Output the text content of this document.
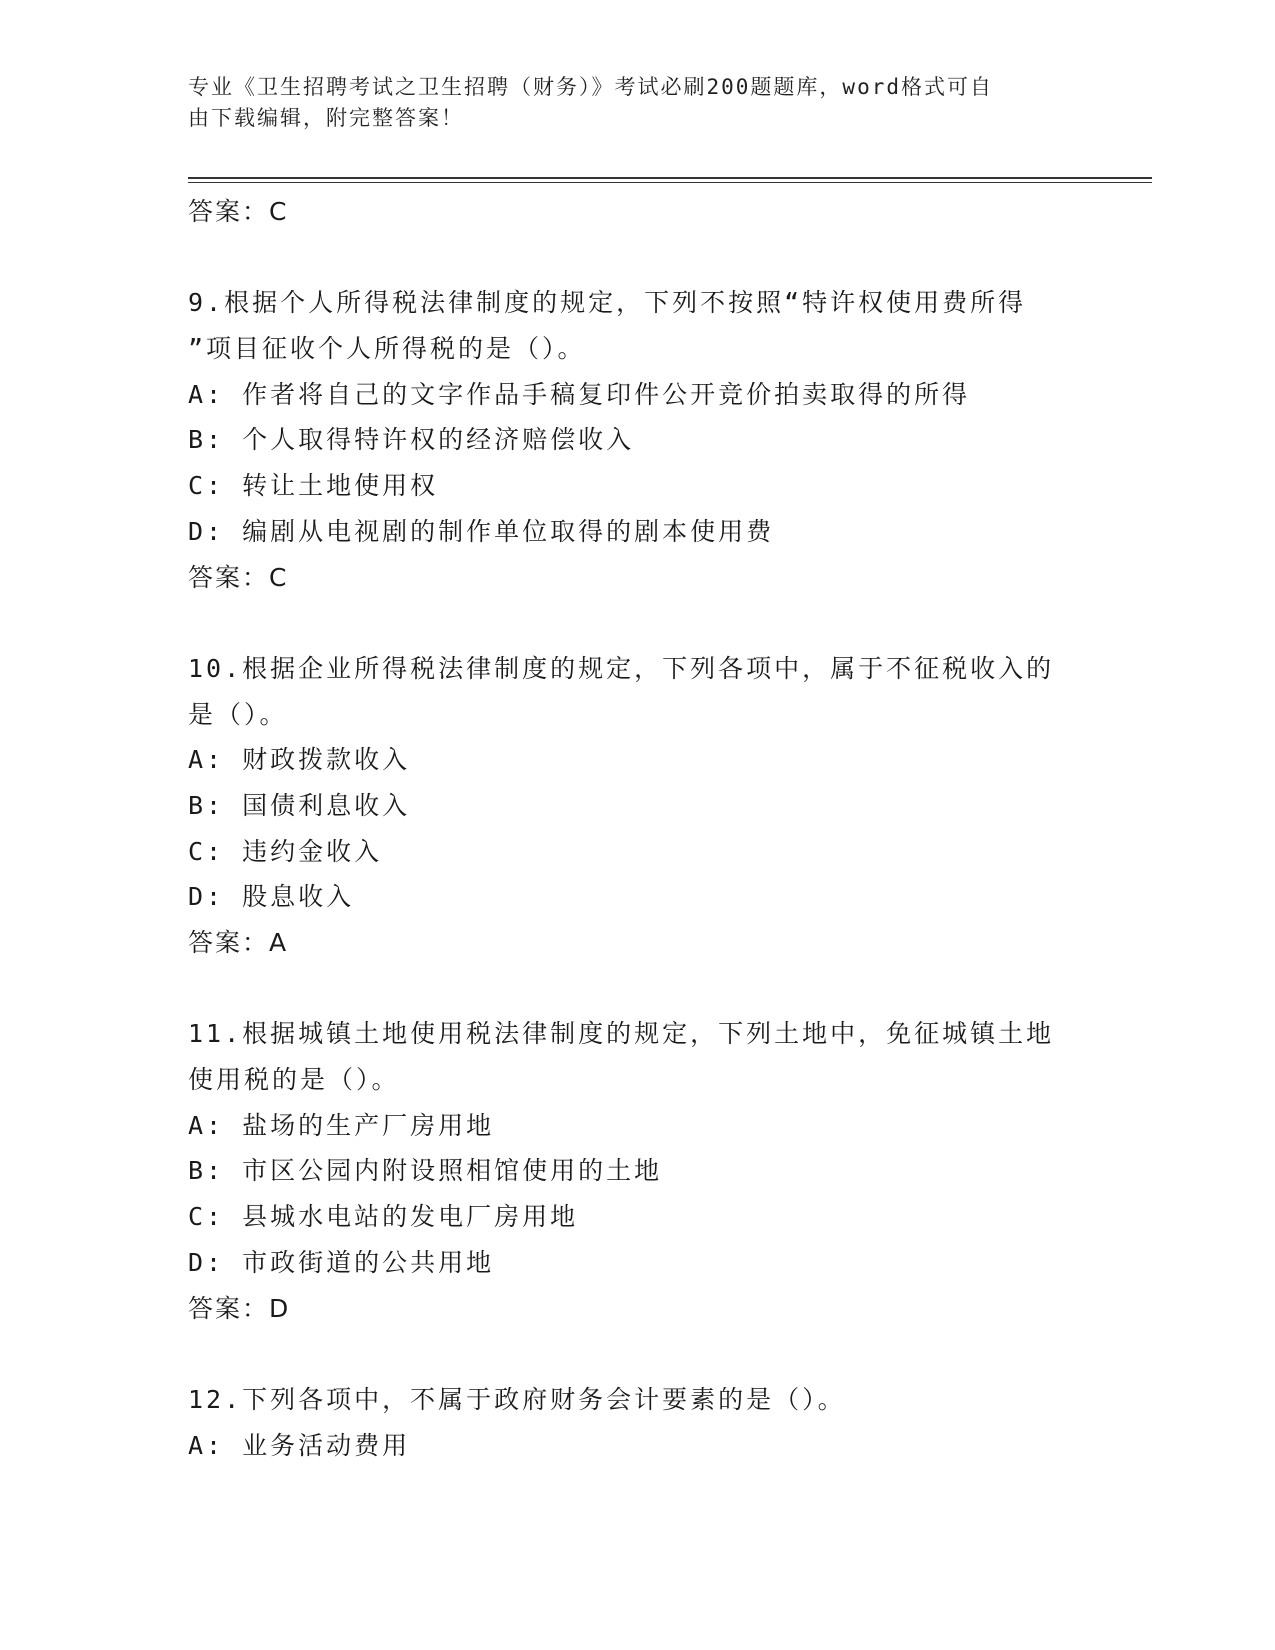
专业《卫生招聘考试之卫生招聘（财务）》考试必刷200题题库，word格式可自
由下载编辑，附完整答案！
答案：C
9.根据个人所得税法律制度的规定，下列不按照“特许权使用费所得
”项目征收个人所得税的是（）。
A: 作者将自己的文字作品手稿复印件公开竞价拍卖取得的所得
B: 个人取得特许权的经济赔偿收入
C: 转让土地使用权
D: 编剧从电视剧的制作单位取得的剧本使用费
答案：C
10.根据企业所得税法律制度的规定，下列各项中，属于不征税收入的
是（）。
A: 财政拨款收入
B: 国债利息收入
C: 违约金收入
D: 股息收入
答案：A
11.根据城镇土地使用税法律制度的规定，下列土地中，免征城镇土地
使用税的是（）。
A: 盐场的生产厂房用地
B: 市区公园内附设照相馆使用的土地
C: 县城水电站的发电厂房用地
D: 市政街道的公共用地
答案：D
12.下列各项中，不属于政府财务会计要素的是（）。
A: 业务活动费用
